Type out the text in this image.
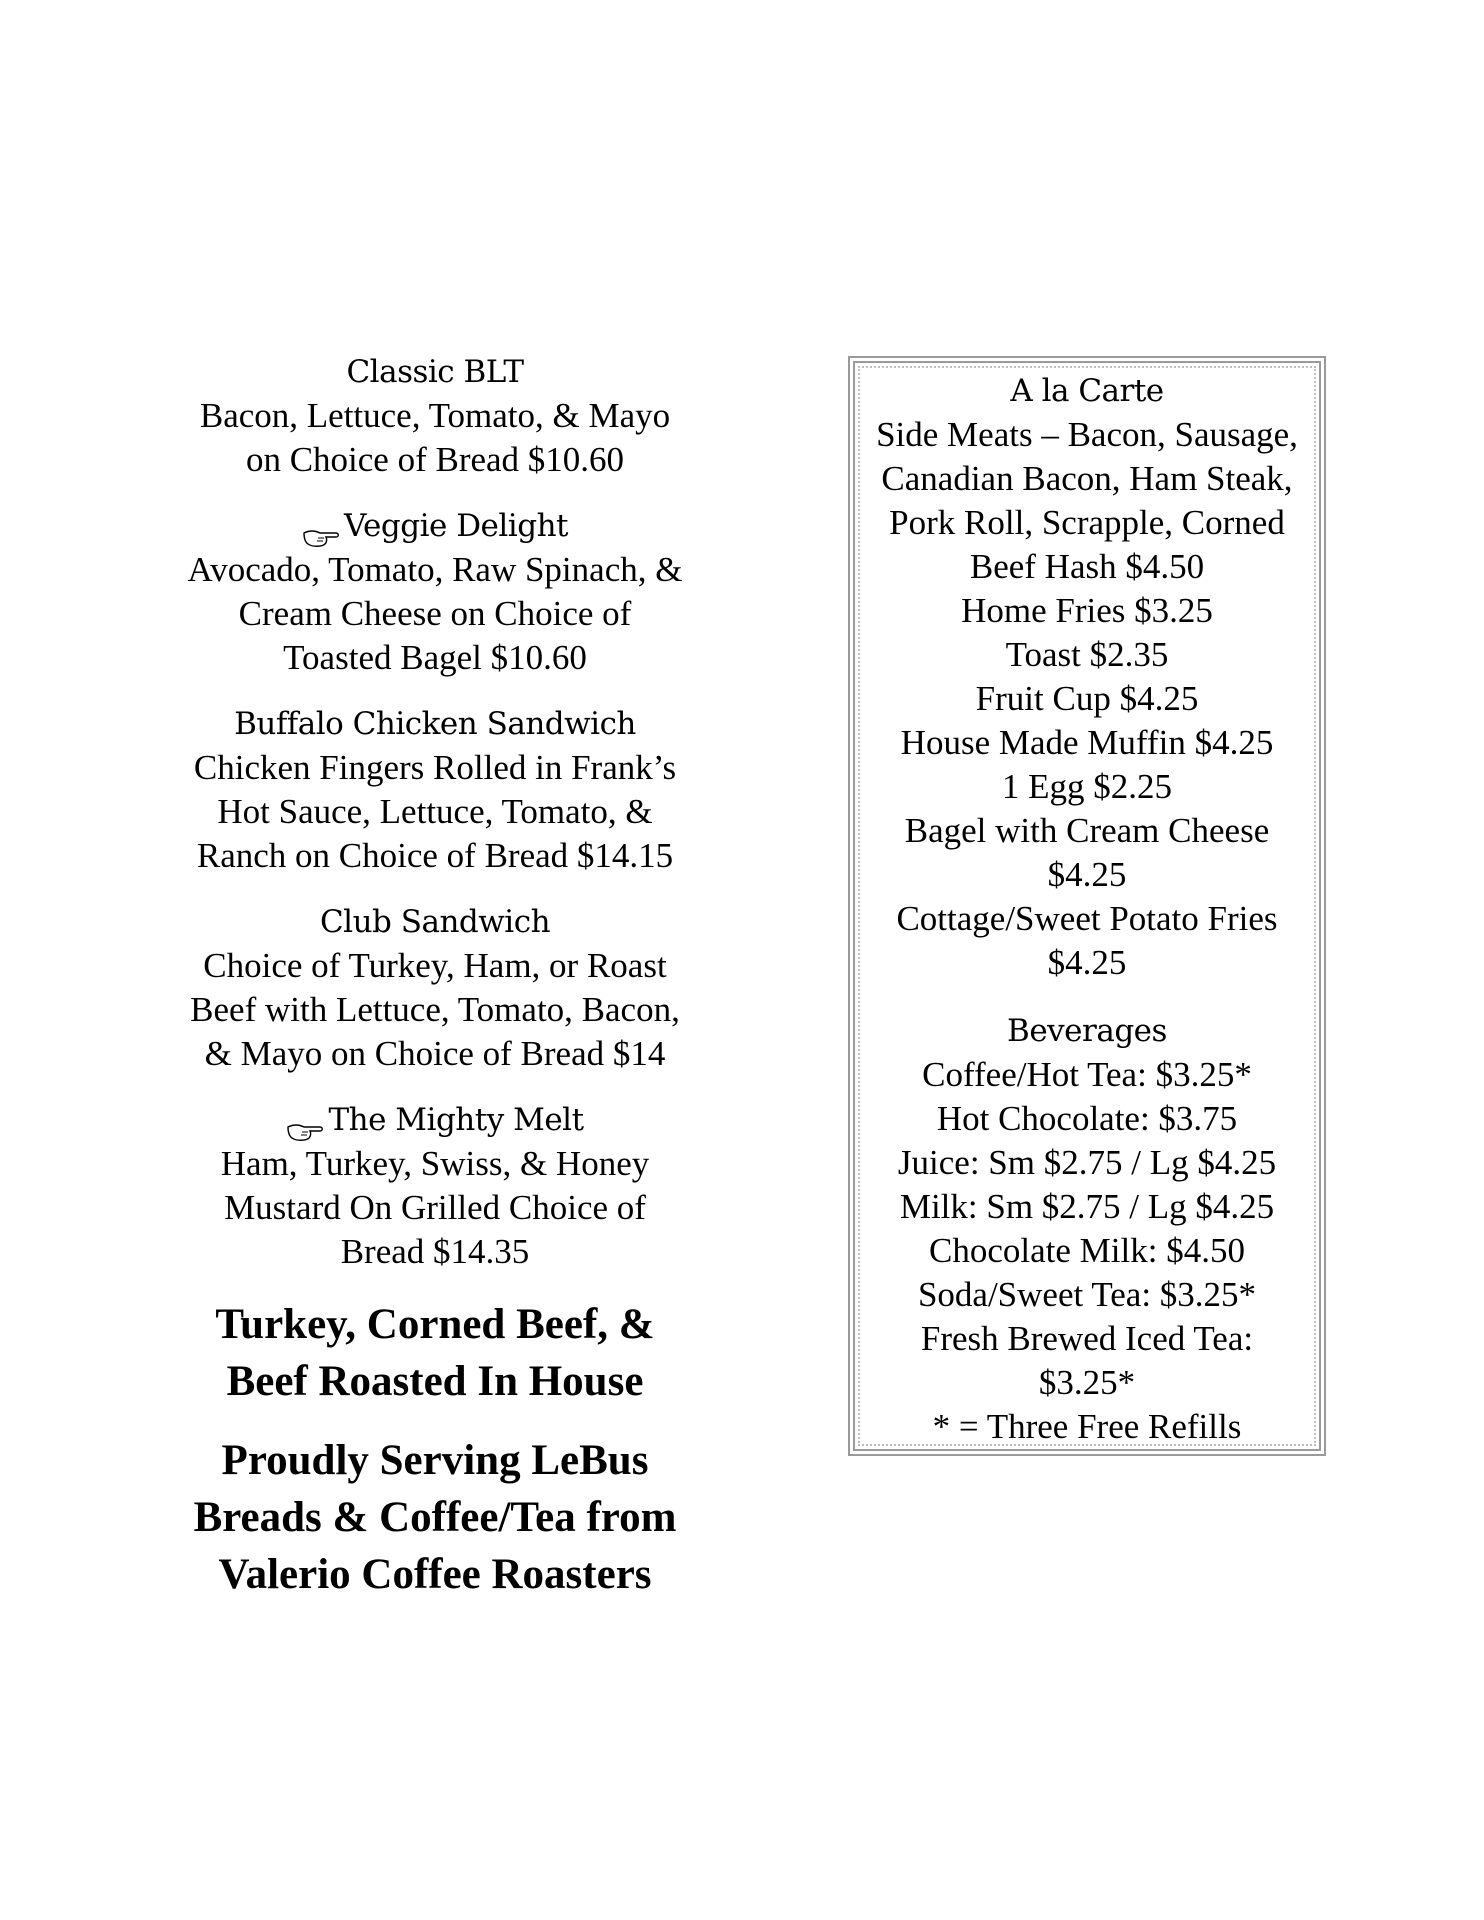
Classic BLT
Bacon, Lettuce, Tomato, & Mayo
on Choice of Bread $10.60
Veggie Delight
Avocado, Tomato, Raw Spinach, &
Cream Cheese on Choice of
Toasted Bagel $10.60
Buffalo Chicken Sandwich
Chicken Fingers Rolled in Frank’s
Hot Sauce, Lettuce, Tomato, &
Ranch on Choice of Bread $14.15
Club Sandwich
Choice of Turkey, Ham, or Roast
Beef with Lettuce, Tomato, Bacon,
& Mayo on Choice of Bread $14
The Mighty Melt
Ham, Turkey, Swiss, & Honey
Mustard On Grilled Choice of
Bread $14.35
Turkey, Corned Beef, &
Beef Roasted In House
Proudly Serving LeBus
Breads & Coffee/Tea from
Valerio Coffee Roasters
A la Carte
Side Meats – Bacon, Sausage,
Canadian Bacon, Ham Steak,
Pork Roll, Scrapple, Corned
Beef Hash $4.50
Home Fries $3.25
Toast $2.35
Fruit Cup $4.25
House Made Muffin $4.25
1 Egg $2.25
Bagel with Cream Cheese
$4.25
Cottage/Sweet Potato Fries
$4.25
Beverages
Coffee/Hot Tea: $3.25*
Hot Chocolate: $3.75
Juice: Sm $2.75 / Lg $4.25
Milk: Sm $2.75 / Lg $4.25
Chocolate Milk: $4.50
Soda/Sweet Tea: $3.25*
Fresh Brewed Iced Tea:
$3.25*
* = Three Free Refills
